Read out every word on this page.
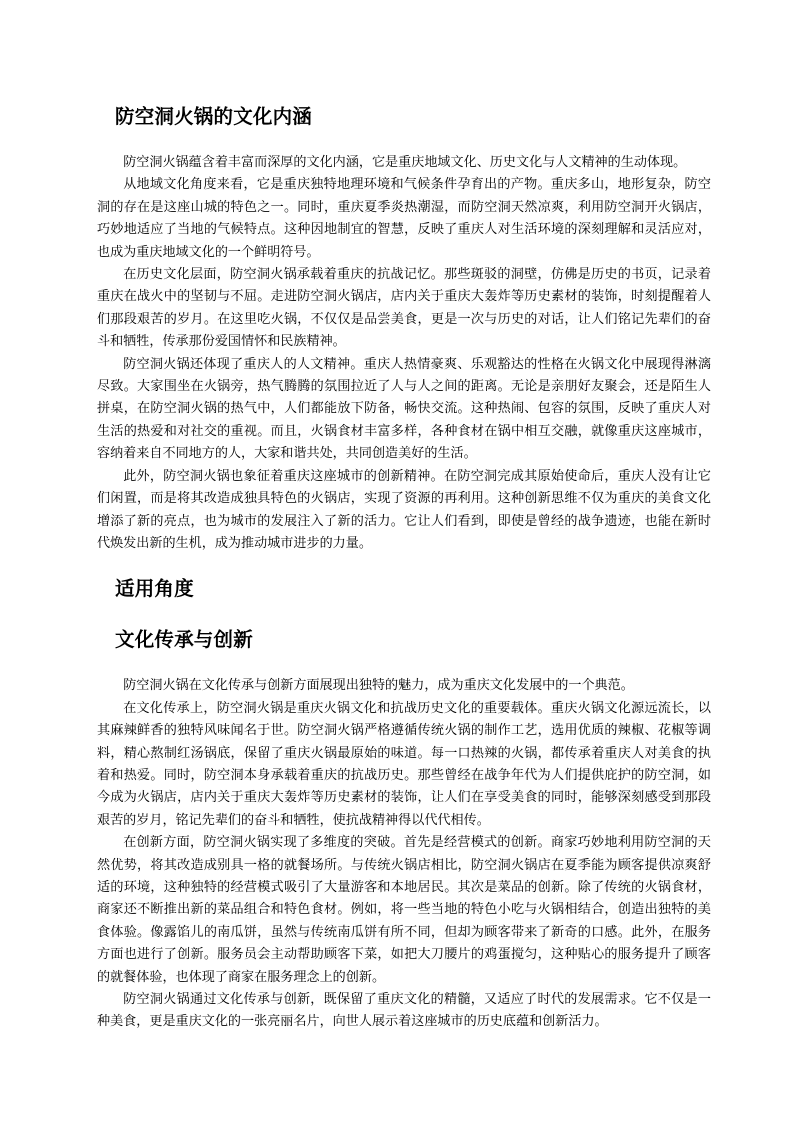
防空洞火锅的文化内涵

防空洞火锅蕴含着丰富而深厚的文化内涵，它是重庆地域文化、历史文化与人文精神的生动体现。

从地域文化角度来看，它是重庆独特地理环境和气候条件孕育出的产物。重庆多山，地形复杂，防空洞的存在是这座山城的特色之一。同时，重庆夏季炎热潮湿，而防空洞天然凉爽，利用防空洞开火锅店，巧妙地适应了当地的气候特点。这种因地制宜的智慧，反映了重庆人对生活环境的深刻理解和灵活应对，也成为重庆地域文化的一个鲜明符号。

在历史文化层面，防空洞火锅承载着重庆的抗战记忆。那些斑驳的洞壁，仿佛是历史的书页，记录着重庆在战火中的坚韧与不屈。走进防空洞火锅店，店内关于重庆大轰炸等历史素材的装饰，时刻提醒着人们那段艰苦的岁月。在这里吃火锅，不仅仅是品尝美食，更是一次与历史的对话，让人们铭记先辈们的奋斗和牺牲，传承那份爱国情怀和民族精神。

防空洞火锅还体现了重庆人的人文精神。重庆人热情豪爽、乐观豁达的性格在火锅文化中展现得淋漓尽致。大家围坐在火锅旁，热气腾腾的氛围拉近了人与人之间的距离。无论是亲朋好友聚会，还是陌生人拼桌，在防空洞火锅的热气中，人们都能放下防备，畅快交流。这种热闹、包容的氛围，反映了重庆人对生活的热爱和对社交的重视。而且，火锅食材丰富多样，各种食材在锅中相互交融，就像重庆这座城市，容纳着来自不同地方的人，大家和谐共处，共同创造美好的生活。

此外，防空洞火锅也象征着重庆这座城市的创新精神。在防空洞完成其原始使命后，重庆人没有让它们闲置，而是将其改造成独具特色的火锅店，实现了资源的再利用。这种创新思维不仅为重庆的美食文化增添了新的亮点，也为城市的发展注入了新的活力。它让人们看到，即使是曾经的战争遗迹，也能在新时代焕发出新的生机，成为推动城市进步的力量。

适用角度
文化传承与创新

防空洞火锅在文化传承与创新方面展现出独特的魅力，成为重庆文化发展中的一个典范。

在文化传承上，防空洞火锅是重庆火锅文化和抗战历史文化的重要载体。重庆火锅文化源远流长，以其麻辣鲜香的独特风味闻名于世。防空洞火锅严格遵循传统火锅的制作工艺，选用优质的辣椒、花椒等调料，精心熬制红汤锅底，保留了重庆火锅最原始的味道。每一口热辣的火锅，都传承着重庆人对美食的执着和热爱。同时，防空洞本身承载着重庆的抗战历史。那些曾经在战争年代为人们提供庇护的防空洞，如今成为火锅店，店内关于重庆大轰炸等历史素材的装饰，让人们在享受美食的同时，能够深刻感受到那段艰苦的岁月，铭记先辈们的奋斗和牺牲，使抗战精神得以代代相传。

在创新方面，防空洞火锅实现了多维度的突破。首先是经营模式的创新。商家巧妙地利用防空洞的天然优势，将其改造成别具一格的就餐场所。与传统火锅店相比，防空洞火锅店在夏季能为顾客提供凉爽舒适的环境，这种独特的经营模式吸引了大量游客和本地居民。其次是菜品的创新。除了传统的火锅食材，商家还不断推出新的菜品组合和特色食材。例如，将一些当地的特色小吃与火锅相结合，创造出独特的美食体验。像露馅儿的南瓜饼，虽然与传统南瓜饼有所不同，但却为顾客带来了新奇的口感。此外，在服务方面也进行了创新。服务员会主动帮助顾客下菜，如把大刀腰片的鸡蛋搅匀，这种贴心的服务提升了顾客的就餐体验，也体现了商家在服务理念上的创新。

防空洞火锅通过文化传承与创新，既保留了重庆文化的精髓，又适应了时代的发展需求。它不仅是一种美食，更是重庆文化的一张亮丽名片，向世人展示着这座城市的历史底蕴和创新活力。
